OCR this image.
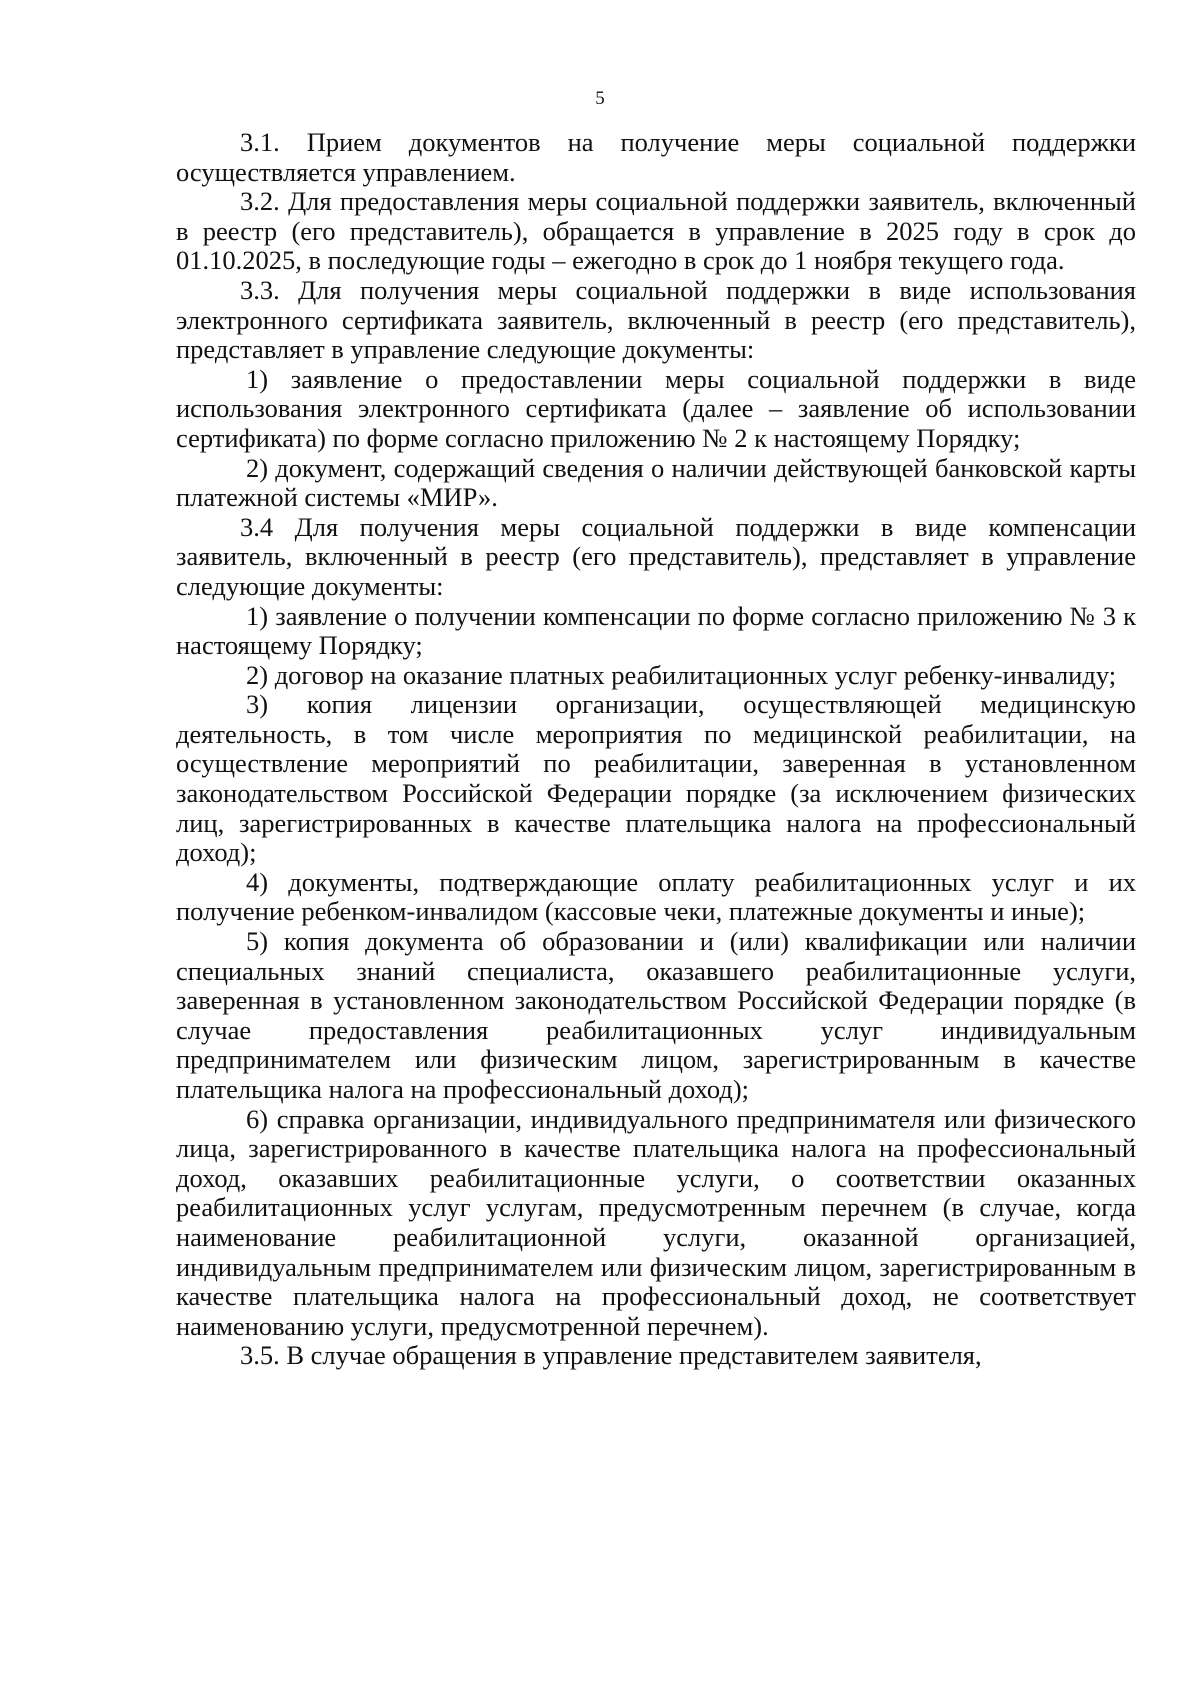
5

3.1. Прием документов на получение меры социальной поддержки осуществляется управлением.

3.2. Для предоставления меры социальной поддержки заявитель, включенный в реестр (его представитель), обращается в управление в 2025 году в срок до 01.10.2025, в последующие годы – ежегодно в срок до 1 ноября текущего года.

3.3. Для получения меры социальной поддержки в виде использования электронного сертификата заявитель, включенный в реестр (его представитель), представляет в управление следующие документы:

1) заявление о предоставлении меры социальной поддержки в виде использования электронного сертификата (далее – заявление об использовании сертификата) по форме согласно приложению № 2 к настоящему Порядку;

2) документ, содержащий сведения о наличии действующей банковской карты платежной системы «МИР».

3.4 Для получения меры социальной поддержки в виде компенсации заявитель, включенный в реестр (его представитель), представляет в управление следующие документы:

1) заявление о получении компенсации по форме согласно приложению № 3 к настоящему Порядку;

2) договор на оказание платных реабилитационных услуг ребенку-инвалиду;

3) копия лицензии организации, осуществляющей медицинскую деятельность, в том числе мероприятия по медицинской реабилитации, на осуществление мероприятий по реабилитации, заверенная в установленном законодательством Российской Федерации порядке (за исключением физических лиц, зарегистрированных в качестве плательщика налога на профессиональный доход);

4) документы, подтверждающие оплату реабилитационных услуг и их получение ребенком-инвалидом (кассовые чеки, платежные документы и иные);

5) копия документа об образовании и (или) квалификации или наличии специальных знаний специалиста, оказавшего реабилитационные услуги, заверенная в установленном законодательством Российской Федерации порядке (в случае предоставления реабилитационных услуг индивидуальным предпринимателем или физическим лицом, зарегистрированным в качестве плательщика налога на профессиональный доход);

6) справка организации, индивидуального предпринимателя или физического лица, зарегистрированного в качестве плательщика налога на профессиональный доход, оказавших реабилитационные услуги, о соответствии оказанных реабилитационных услуг услугам, предусмотренным перечнем (в случае, когда наименование реабилитационной услуги, оказанной организацией, индивидуальным предпринимателем или физическим лицом, зарегистрированным в качестве плательщика налога на профессиональный доход, не соответствует наименованию услуги, предусмотренной перечнем).

3.5. В случае обращения в управление представителем заявителя,
